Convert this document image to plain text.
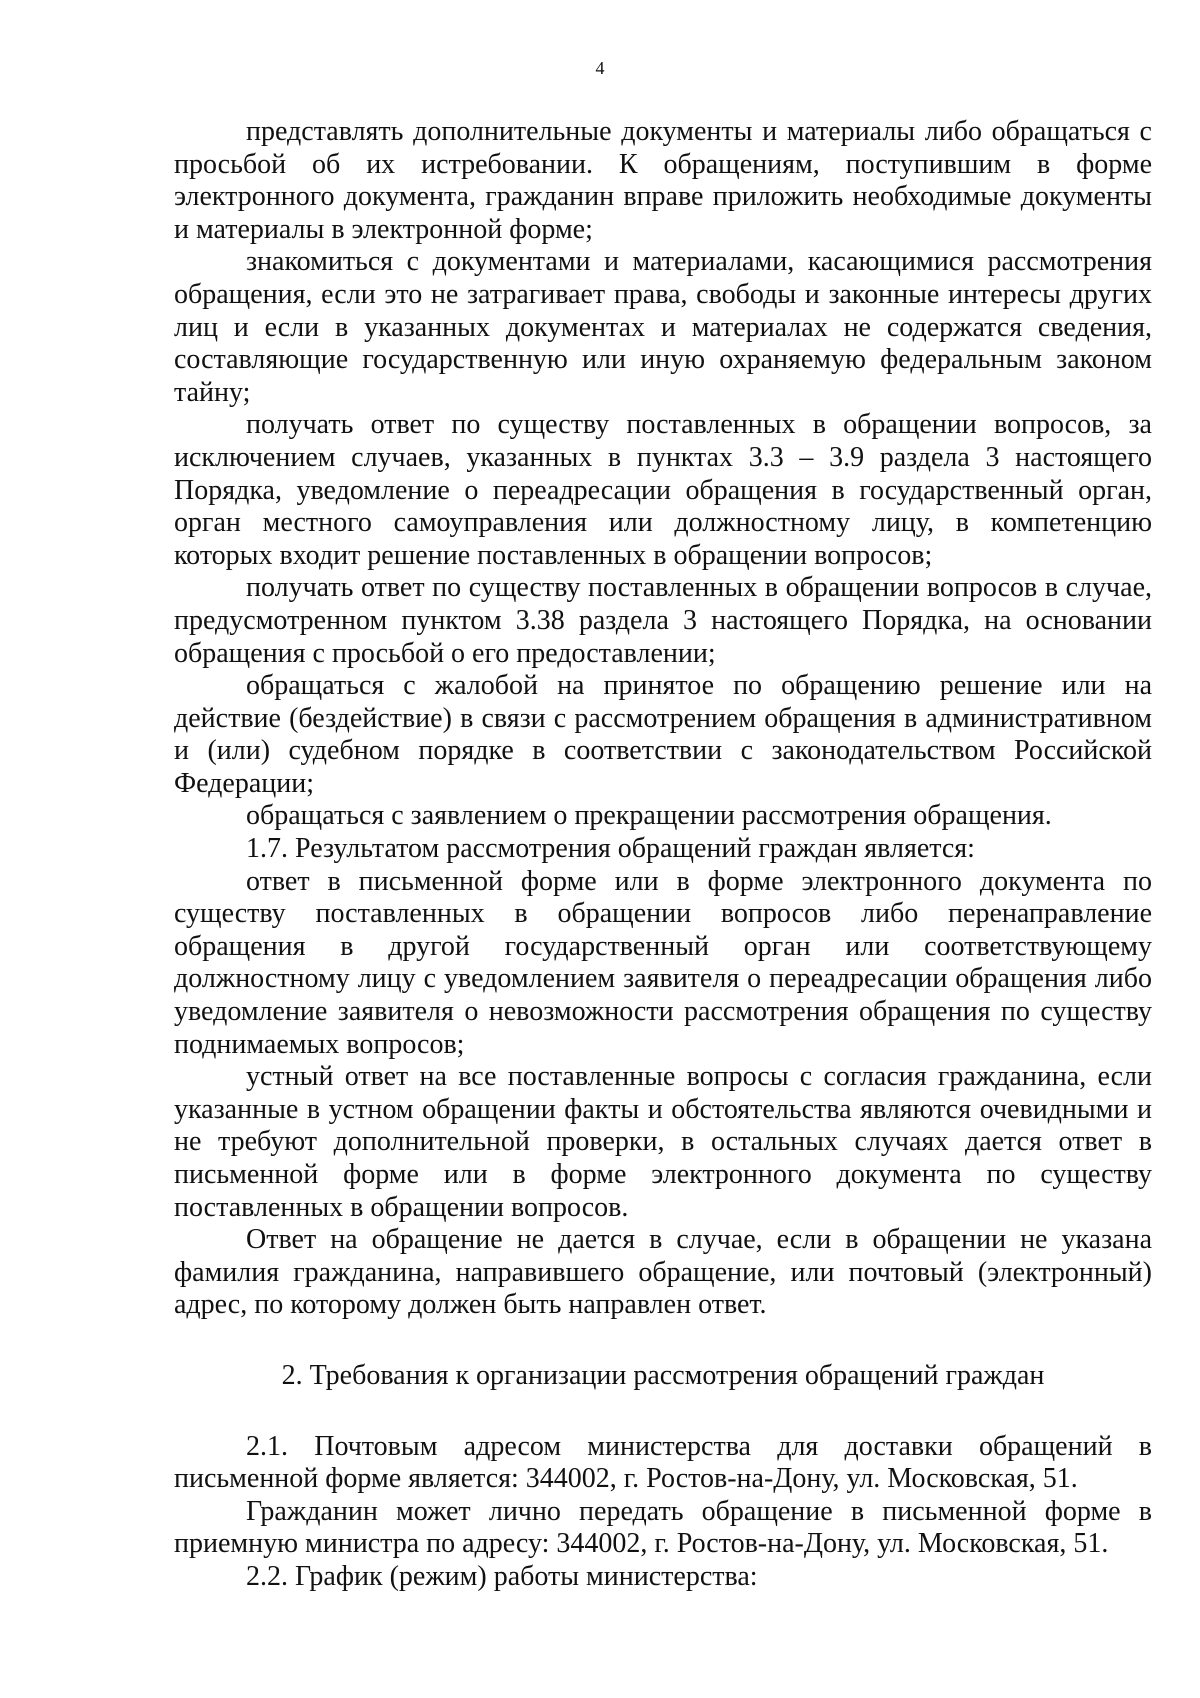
4

представлять дополнительные документы и материалы либо обращаться с просьбой об их истребовании. К обращениям, поступившим в форме электронного документа, гражданин вправе приложить необходимые документы и материалы в электронной форме;

знакомиться с документами и материалами, касающимися рассмотрения обращения, если это не затрагивает права, свободы и законные интересы других лиц и если в указанных документах и материалах не содержатся сведения, составляющие государственную или иную охраняемую федеральным законом тайну;

получать ответ по существу поставленных в обращении вопросов, за исключением случаев, указанных в пунктах 3.3 – 3.9 раздела 3 настоящего Порядка, уведомление о переадресации обращения в государственный орган, орган местного самоуправления или должностному лицу, в компетенцию которых входит решение поставленных в обращении вопросов;

получать ответ по существу поставленных в обращении вопросов в случае, предусмотренном пунктом 3.38 раздела 3 настоящего Порядка, на основании обращения с просьбой о его предоставлении;

обращаться с жалобой на принятое по обращению решение или на действие (бездействие) в связи с рассмотрением обращения в административном и (или) судебном порядке в соответствии с законодательством Российской Федерации;

обращаться с заявлением о прекращении рассмотрения обращения.

1.7. Результатом рассмотрения обращений граждан является:

ответ в письменной форме или в форме электронного документа по существу поставленных в обращении вопросов либо перенаправление обращения в другой государственный орган или соответствующему должностному лицу с уведомлением заявителя о переадресации обращения либо уведомление заявителя о невозможности рассмотрения обращения по существу поднимаемых вопросов;

устный ответ на все поставленные вопросы с согласия гражданина, если указанные в устном обращении факты и обстоятельства являются очевидными и не требуют дополнительной проверки, в остальных случаях дается ответ в письменной форме или в форме электронного документа по существу поставленных в обращении вопросов.

Ответ на обращение не дается в случае, если в обращении не указана фамилия гражданина, направившего обращение, или почтовый (электронный) адрес, по которому должен быть направлен ответ.

2. Требования к организации рассмотрения обращений граждан

2.1. Почтовым адресом министерства для доставки обращений в письменной форме является: 344002, г. Ростов-на-Дону, ул. Московская, 51.

Гражданин может лично передать обращение в письменной форме в приемную министра по адресу: 344002, г. Ростов-на-Дону, ул. Московская, 51.

2.2. График (режим) работы министерства:
